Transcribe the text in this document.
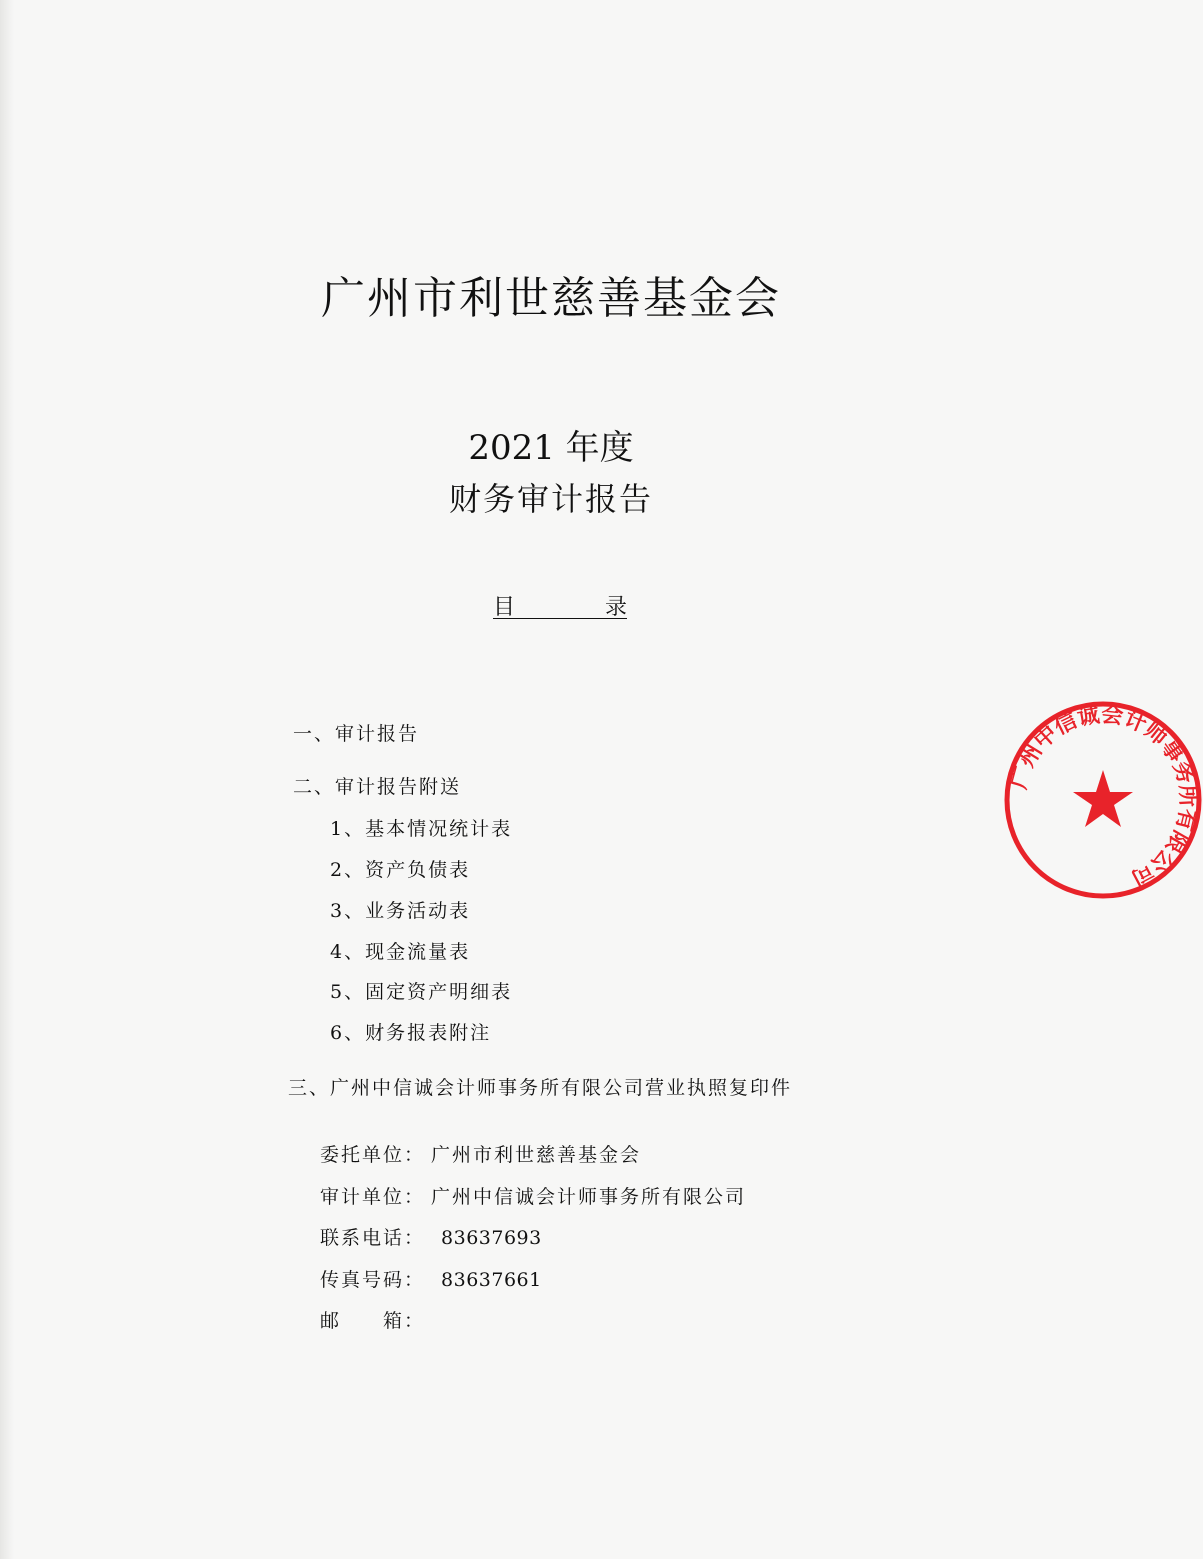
广州市利世慈善基金会
2021 年度
财务审计报告
目	录
一、审计报告
二、审计报告附送
1、基本情况统计表
2、资产负债表
3、业务活动表
4、现金流量表
5、固定资产明细表
6、财务报表附注
三、广州中信诚会计师事务所有限公司营业执照复印件
委托单位： 广州市利世慈善基金会
审计单位： 广州中信诚会计师事务所有限公司
联系电话： 83637693
传真号码： 83637661
邮　　箱：
广州中信诚会计师事务所有限公司
